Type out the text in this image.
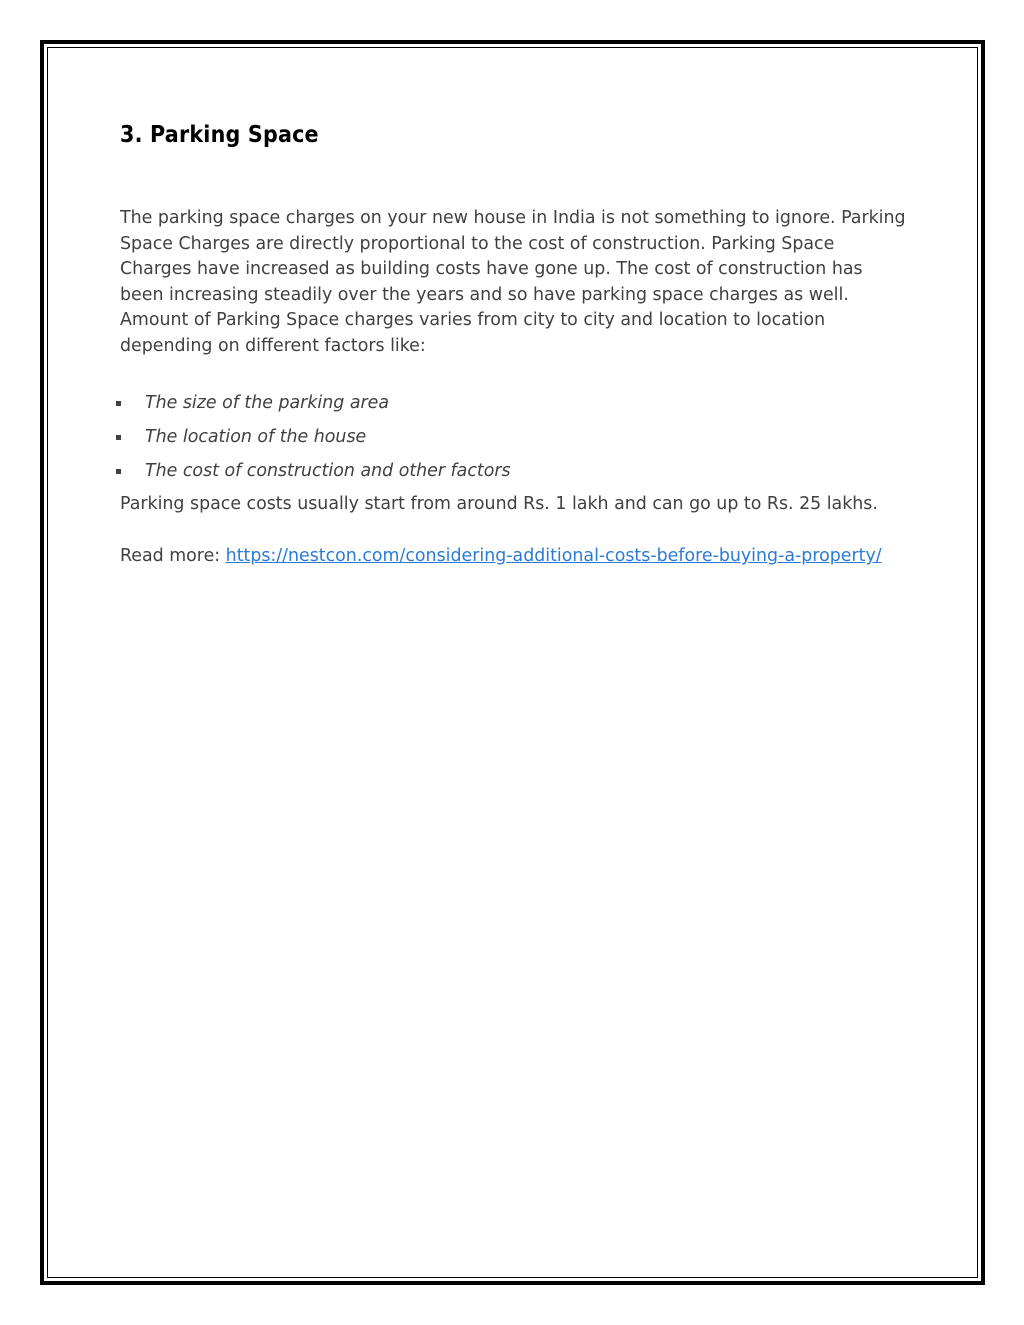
3. Parking Space

The parking space charges on your new house in India is not something to ignore. Parking Space Charges are directly proportional to the cost of construction. Parking Space Charges have increased as building costs have gone up. The cost of construction has been increasing steadily over the years and so have parking space charges as well. Amount of Parking Space charges varies from city to city and location to location depending on different factors like:

The size of the parking area
The location of the house
The cost of construction and other factors

Parking space costs usually start from around Rs. 1 lakh and can go up to Rs. 25 lakhs.

Read more: https://nestcon.com/considering-additional-costs-before-buying-a-property/
